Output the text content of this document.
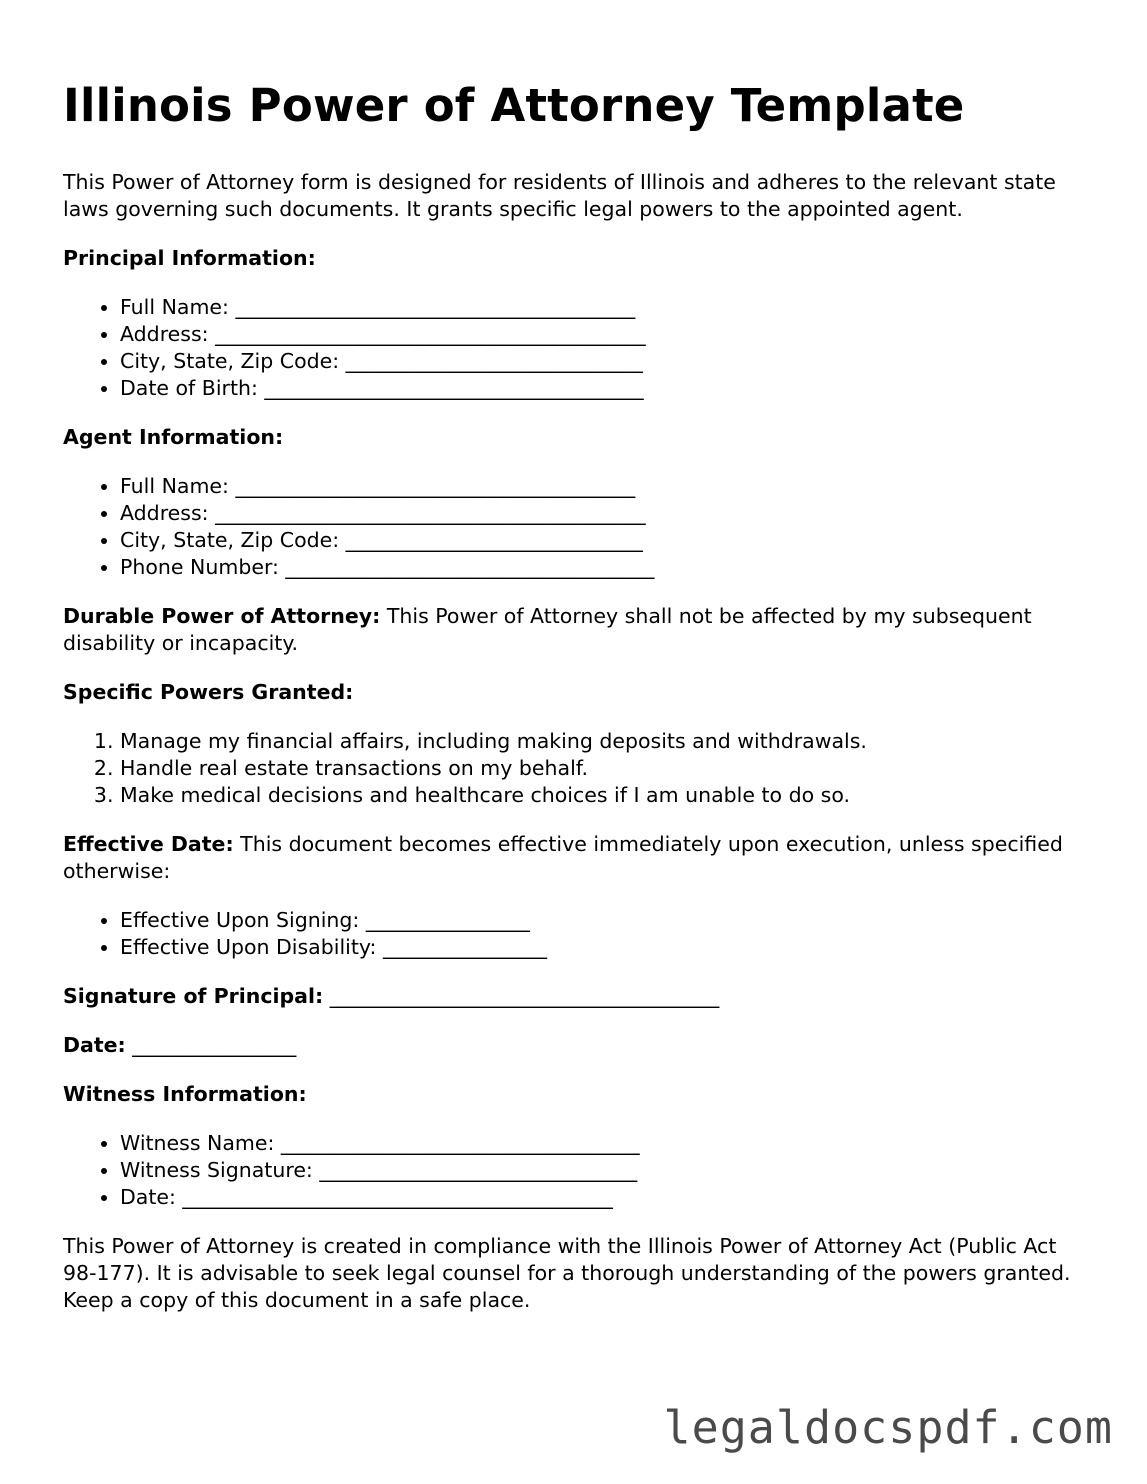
Illinois Power of Attorney Template

This Power of Attorney form is designed for residents of Illinois and adheres to the relevant state laws governing such documents. It grants specific legal powers to the appointed agent.

Principal Information:

• Full Name: _______________________________________
• Address: __________________________________________
• City, State, Zip Code: _____________________________
• Date of Birth: _____________________________________

Agent Information:

• Full Name: _______________________________________
• Address: __________________________________________
• City, State, Zip Code: _____________________________
• Phone Number: ____________________________________

Durable Power of Attorney: This Power of Attorney shall not be affected by my subsequent disability or incapacity.

Specific Powers Granted:

1. Manage my financial affairs, including making deposits and withdrawals.
2. Handle real estate transactions on my behalf.
3. Make medical decisions and healthcare choices if I am unable to do so.

Effective Date: This document becomes effective immediately upon execution, unless specified otherwise:

• Effective Upon Signing: ________________
• Effective Upon Disability: ________________

Signature of Principal: ______________________________________

Date: ________________

Witness Information:

• Witness Name: ___________________________________
• Witness Signature: _______________________________
• Date: __________________________________________

This Power of Attorney is created in compliance with the Illinois Power of Attorney Act (Public Act 98-177). It is advisable to seek legal counsel for a thorough understanding of the powers granted. Keep a copy of this document in a safe place.

legaldocspdf.com
